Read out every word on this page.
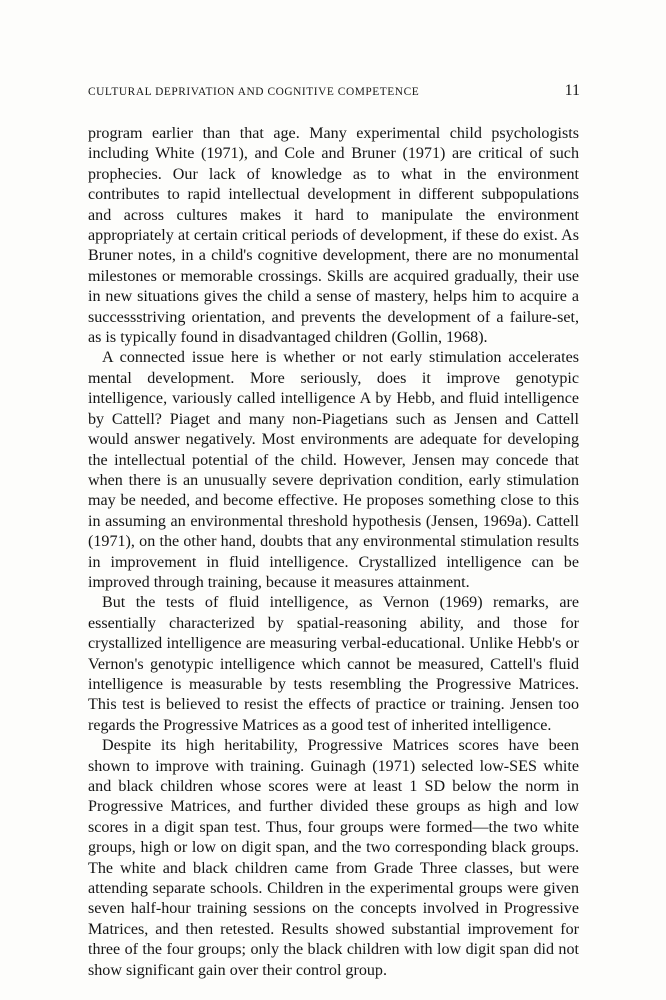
CULTURAL DEPRIVATION AND COGNITIVE COMPETENCE	11

program earlier than that age. Many experimental child psychologists including White (1971), and Cole and Bruner (1971) are critical of such prophecies. Our lack of knowledge as to what in the environment contributes to rapid intellectual development in different subpopulations and across cultures makes it hard to manipulate the environment appropriately at certain critical periods of development, if these do exist. As Bruner notes, in a child's cognitive development, there are no monumental milestones or memorable crossings. Skills are acquired gradually, their use in new situations gives the child a sense of mastery, helps him to acquire a successstriving orientation, and prevents the development of a failure-set, as is typically found in disadvantaged children (Gollin, 1968).

A connected issue here is whether or not early stimulation accelerates mental development. More seriously, does it improve genotypic intelligence, variously called intelligence A by Hebb, and fluid intelligence by Cattell? Piaget and many non-Piagetians such as Jensen and Cattell would answer negatively. Most environments are adequate for developing the intellectual potential of the child. However, Jensen may concede that when there is an unusually severe deprivation condition, early stimulation may be needed, and become effective. He proposes something close to this in assuming an environmental threshold hypothesis (Jensen, 1969a). Cattell (1971), on the other hand, doubts that any environmental stimulation results in improvement in fluid intelligence. Crystallized intelligence can be improved through training, because it measures attainment.

But the tests of fluid intelligence, as Vernon (1969) remarks, are essentially characterized by spatial-reasoning ability, and those for crystallized intelligence are measuring verbal-educational. Unlike Hebb's or Vernon's genotypic intelligence which cannot be measured, Cattell's fluid intelligence is measurable by tests resembling the Progressive Matrices. This test is believed to resist the effects of practice or training. Jensen too regards the Progressive Matrices as a good test of inherited intelligence.

Despite its high heritability, Progressive Matrices scores have been shown to improve with training. Guinagh (1971) selected low-SES white and black children whose scores were at least 1 SD below the norm in Progressive Matrices, and further divided these groups as high and low scores in a digit span test. Thus, four groups were formed—the two white groups, high or low on digit span, and the two corresponding black groups. The white and black children came from Grade Three classes, but were attending separate schools. Children in the experimental groups were given seven half-hour training sessions on the concepts involved in Progressive Matrices, and then retested. Results showed substantial improvement for three of the four groups; only the black children with low digit span did not show significant gain over their control group.
